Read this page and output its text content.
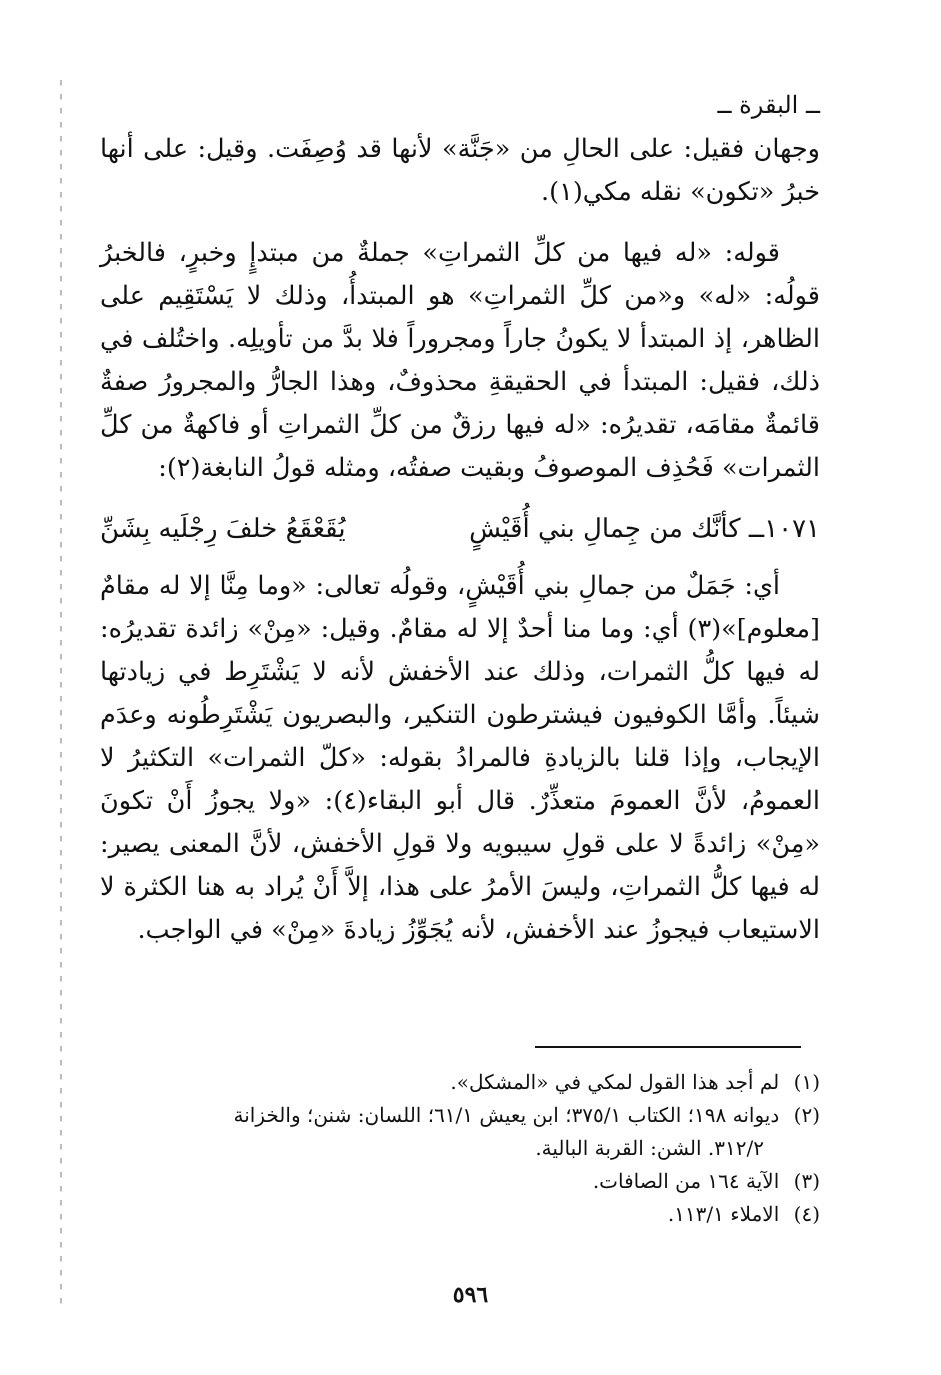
ــ البقرة ــ

وجهان فقيل: على الحالِ من «جَنَّة» لأنها قد وُصِفَت. وقيل: على أنها خبرُ «تكون» نقله مكي(١).

قوله: «له فيها من كلِّ الثمراتِ» جملةٌ من مبتدإٍ وخبرٍ، فالخبرُ قولُه: «له» و«من كلِّ الثمراتِ» هو المبتدأُ، وذلك لا يَسْتَقِيم على الظاهر، إذ المبتدأ لا يكونُ جاراً ومجروراً فلا بدَّ من تأويلِه. واختُلف في ذلك، فقيل: المبتدأ في الحقيقةِ محذوفٌ، وهذا الجارُّ والمجرورُ صفةٌ قائمةٌ مقامَه، تقديرُه: «له فيها رزقٌ من كلِّ الثمراتِ أو فاكهةٌ من كلِّ الثمرات» فَحُذِف الموصوفُ وبقيت صفتُه، ومثله قولُ النابغة(٢):

١٠٧١ــ كأنَّك من جِمالِ بني أُقَيْشٍ
يُقَعْقَعُ خلفَ رِجْلَيه بِشَنِّ

أي: جَمَلٌ من جمالِ بني أُقَيْشٍ، وقولُه تعالى: «وما مِنَّا إلا له مقامٌ [معلوم]»(٣) أي: وما منا أحدٌ إلا له مقامٌ. وقيل: «مِنْ» زائدة تقديرُه: له فيها كلُّ الثمرات، وذلك عند الأخفش لأنه لا يَشْتَرِط في زيادتها شيئاً. وأمَّا الكوفيون فيشترطون التنكير، والبصريون يَشْتَرِطُونه وعدَم الإيجاب، وإذا قلنا بالزيادةِ فالمرادُ بقوله: «كلّ الثمرات» التكثيرُ لا العمومُ، لأنَّ العمومَ متعذِّرٌ. قال أبو البقاء(٤): «ولا يجوزُ أَنْ تكونَ «مِنْ» زائدةً لا على قولِ سيبويه ولا قولِ الأخفش، لأنَّ المعنى يصير: له فيها كلُّ الثمراتِ، وليسَ الأمرُ على هذا، إلاَّ أَنْ يُراد به هنا الكثرة لا الاستيعاب فيجوزُ عند الأخفش، لأنه يُجَوِّزُ زيادةَ «مِنْ» في الواجب.

(١) لم أجد هذا القول لمكي في «المشكل».

(٢) ديوانه ١٩٨؛ الكتاب ٣٧٥/١؛ ابن يعيش ٦١/١؛ اللسان: شنن؛ والخزانة

٣١٢/٢. الشن: القربة البالية.

(٣) الآية ١٦٤ من الصافات.

(٤) الاملاء ١١٣/١.

٥٩٦
